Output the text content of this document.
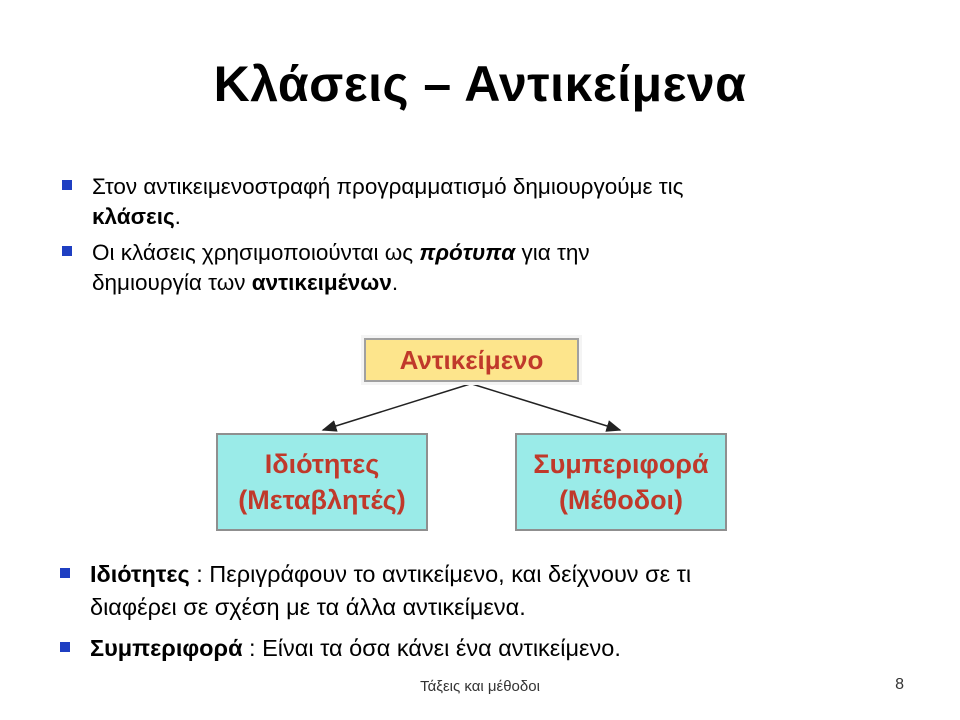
Κλάσεις – Αντικείμενα

Στον αντικειμενοστραφή προγραμματισμό δημιουργούμε τις
κλάσεις.

Οι κλάσεις χρησιμοποιούνται ως πρότυπα για την
δημιουργία των αντικειμένων.

Αντικείμενο
Ιδιότητες
(Μεταβλητές)
Συμπεριφορά
(Μέθοδοι)

Ιδιότητες : Περιγράφουν το αντικείμενο, και δείχνουν σε τι
διαφέρει σε σχέση με τα άλλα αντικείμενα.

Συμπεριφορά : Είναι τα όσα κάνει ένα αντικείμενο.

Τάξεις και μέθοδοι	8
